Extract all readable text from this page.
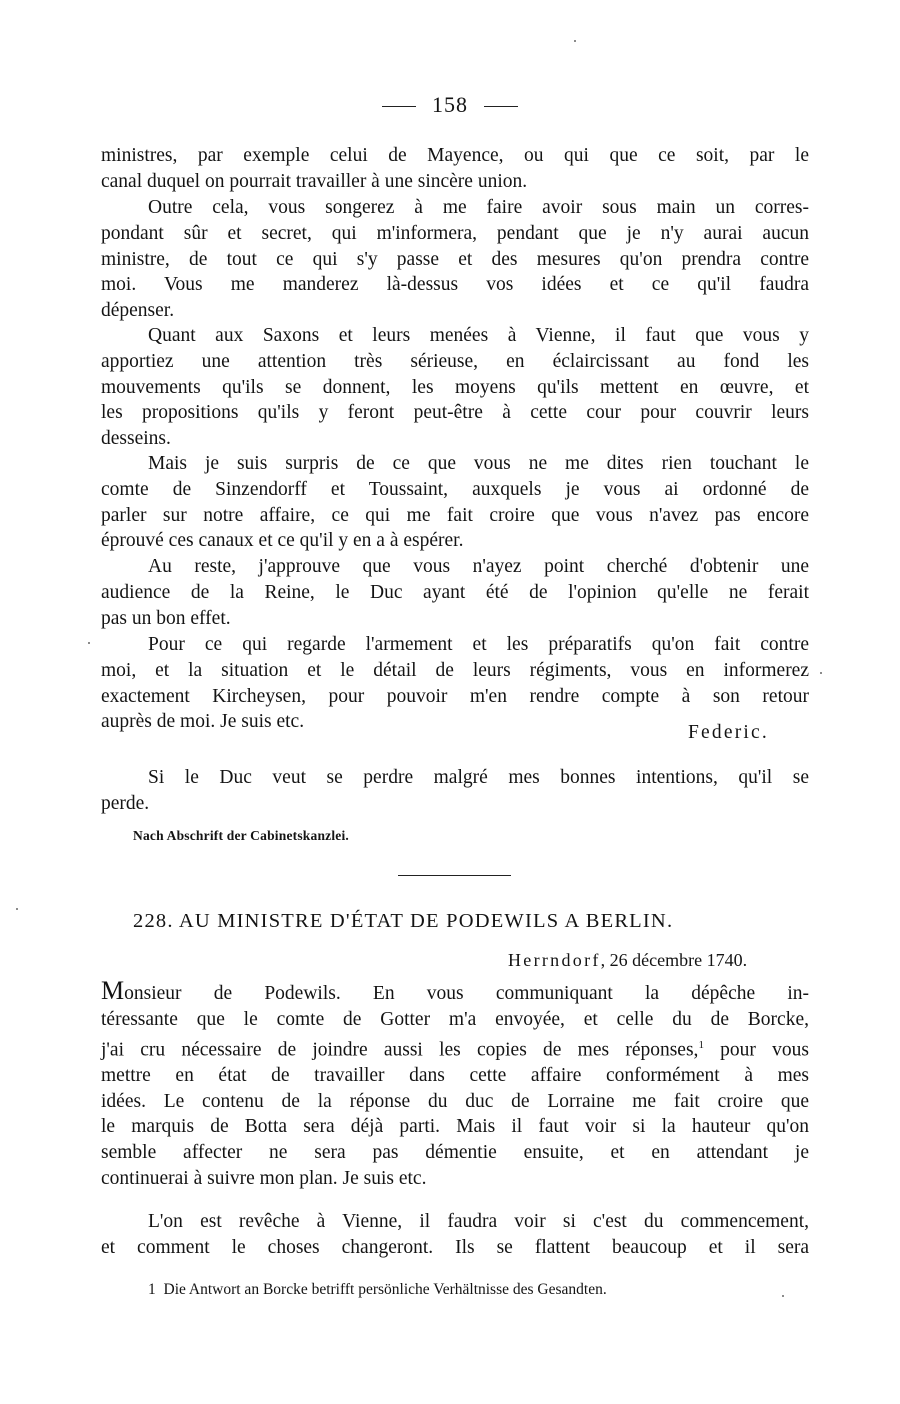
158
ministres, par exemple celui de Mayence, ou qui que ce soit, par le
canal duquel on pourrait travailler à une sincère union.
Outre cela, vous songerez à me faire avoir sous main un corres-
pondant sûr et secret, qui m'informera, pendant que je n'y aurai aucun
ministre, de tout ce qui s'y passe et des mesures qu'on prendra contre
moi. Vous me manderez là-dessus vos idées et ce qu'il faudra
dépenser.
Quant aux Saxons et leurs menées à Vienne, il faut que vous y
apportiez une attention très sérieuse, en éclaircissant au fond les
mouvements qu'ils se donnent, les moyens qu'ils mettent en œuvre, et
les propositions qu'ils y feront peut-être à cette cour pour couvrir leurs
desseins.
Mais je suis surpris de ce que vous ne me dites rien touchant le
comte de Sinzendorff et Toussaint, auxquels je vous ai ordonné de
parler sur notre affaire, ce qui me fait croire que vous n'avez pas encore
éprouvé ces canaux et ce qu'il y en a à espérer.
Au reste, j'approuve que vous n'ayez point cherché d'obtenir une
audience de la Reine, le Duc ayant été de l'opinion qu'elle ne ferait
pas un bon effet.
Pour ce qui regarde l'armement et les préparatifs qu'on fait contre
moi, et la situation et le détail de leurs régiments, vous en informerez
exactement Kircheysen, pour pouvoir m'en rendre compte à son retour
auprès de moi. Je suis etc.
Federic.
Si le Duc veut se perdre malgré mes bonnes intentions, qu'il se
perde.
Nach Abschrift der Cabinetskanzlei.
228. AU MINISTRE D'ÉTAT DE PODEWILS A BERLIN.
Herrndorf, 26 décembre 1740.
Monsieur de Podewils. En vous communiquant la dépêche in-
téressante que le comte de Gotter m'a envoyée, et celle du de Borcke,
j'ai cru nécessaire de joindre aussi les copies de mes réponses,$^1$ pour vous
mettre en état de travailler dans cette affaire conformément à mes
idées. Le contenu de la réponse du duc de Lorraine me fait croire que
le marquis de Botta sera déjà parti. Mais il faut voir si la hauteur qu'on
semble affecter ne sera pas démentie ensuite, et en attendant je
continuerai à suivre mon plan. Je suis etc.
L'on est revêche à Vienne, il faudra voir si c'est du commencement,
et comment le choses changeront. Ils se flattent beaucoup et il sera
1 Die Antwort an Borcke betrifft persönliche Verhältnisse des Gesandten.
